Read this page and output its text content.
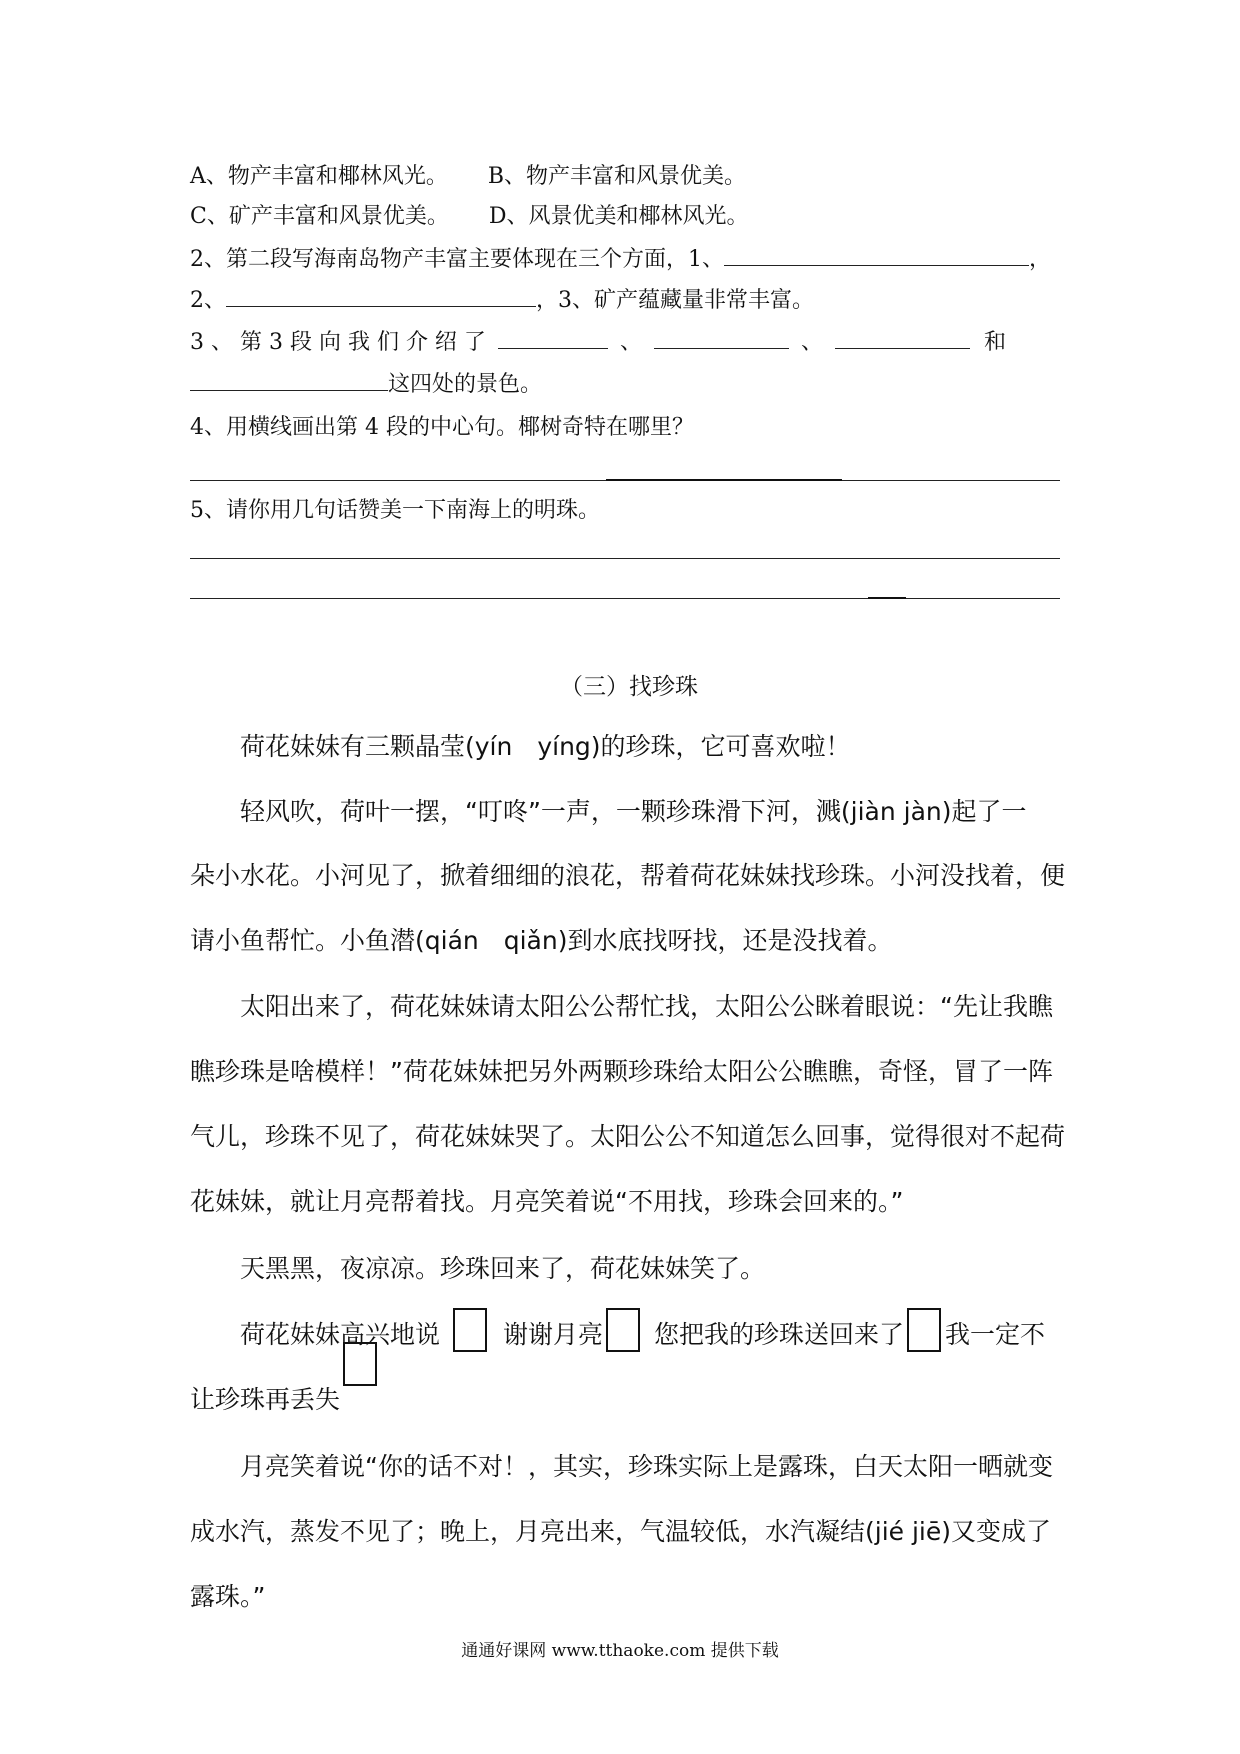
A、物产丰富和椰林风光。 B、物产丰富和风景优美。
C、矿产丰富和风景优美。 D、风景优美和椰林风光。
2、第二段写海南岛物产丰富主要体现在三个方面，1、	，
2、	，3、矿产蕴藏量非常丰富。
3 、 第 3 段 向 我 们 介 绍 了	、	、	和
这四处的景色。
4、用横线画出第 4 段的中心句。椰树奇特在哪里？
5、请你用几句话赞美一下南海上的明珠。
（三）找珍珠
荷花妹妹有三颗晶莹(yín　yíng)的珍珠，它可喜欢啦！
轻风吹，荷叶一摆，“叮咚”一声，一颗珍珠滑下河，溅(jiàn jàn)起了一
朵小水花。小河见了，掀着细细的浪花，帮着荷花妹妹找珍珠。小河没找着，便
请小鱼帮忙。小鱼潜(qián　qiǎn)到水底找呀找，还是没找着。
太阳出来了，荷花妹妹请太阳公公帮忙找，太阳公公眯着眼说：“先让我瞧
瞧珍珠是啥模样！”荷花妹妹把另外两颗珍珠给太阳公公瞧瞧，奇怪，冒了一阵
气儿，珍珠不见了，荷花妹妹哭了。太阳公公不知道怎么回事，觉得很对不起荷
花妹妹，就让月亮帮着找。月亮笑着说“不用找，珍珠会回来的。”
天黑黑，夜凉凉。珍珠回来了，荷花妹妹笑了。
荷花妹妹高兴地说	谢谢月亮 您把我的珍珠送回来了 我一定不
让珍珠再丢失
月亮笑着说“你的话不对！，其实，珍珠实际上是露珠，白天太阳一晒就变
成水汽，蒸发不见了；晚上，月亮出来，气温较低，水汽凝结(jié jiē)又变成了
露珠。”
通通好课网 www.tthaoke.com 提供下载
